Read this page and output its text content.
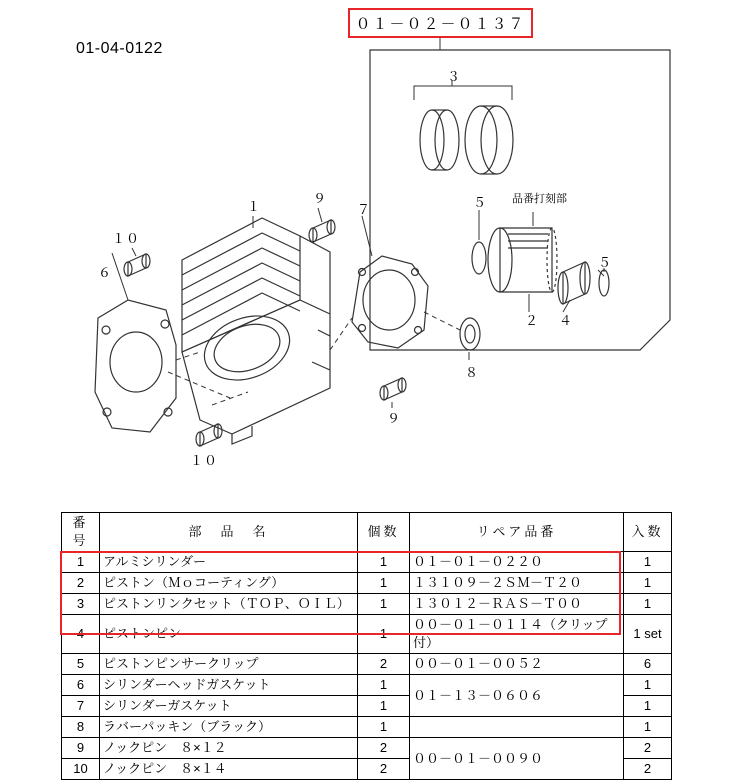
０１－０２－０１３７
01-04-0122
品番打刻部
１
３
５
５
２ ４
９
７
１０
６
８
９
１０
番号	部　品　名	個数	リペア品番	入数
1	アルミシリンダー	1	０１－０１－０２２０	1
2	ピストン（Ｍｏコーティング）	1	１３１０９－２ＳＭ－Ｔ２０	1
3	ピストンリンクセット（ＴＯＰ、ＯＩＬ）	1	１３０１２－ＲＡＳ－Ｔ００	1
4	ピストンピン	1	００－０１－０１１４（クリップ付）	1 set
5	ピストンピンサークリップ	2	００－０１－００５２	6
6	シリンダーヘッドガスケット	1	０１－１３－０６０６	1
7	シリンダーガスケット	1		1
8	ラバーパッキン（ブラック）	1		1
9	ノックピン　８×１２	2	００－０１－００９０	2
10	ノックピン　８×１４	2		2
